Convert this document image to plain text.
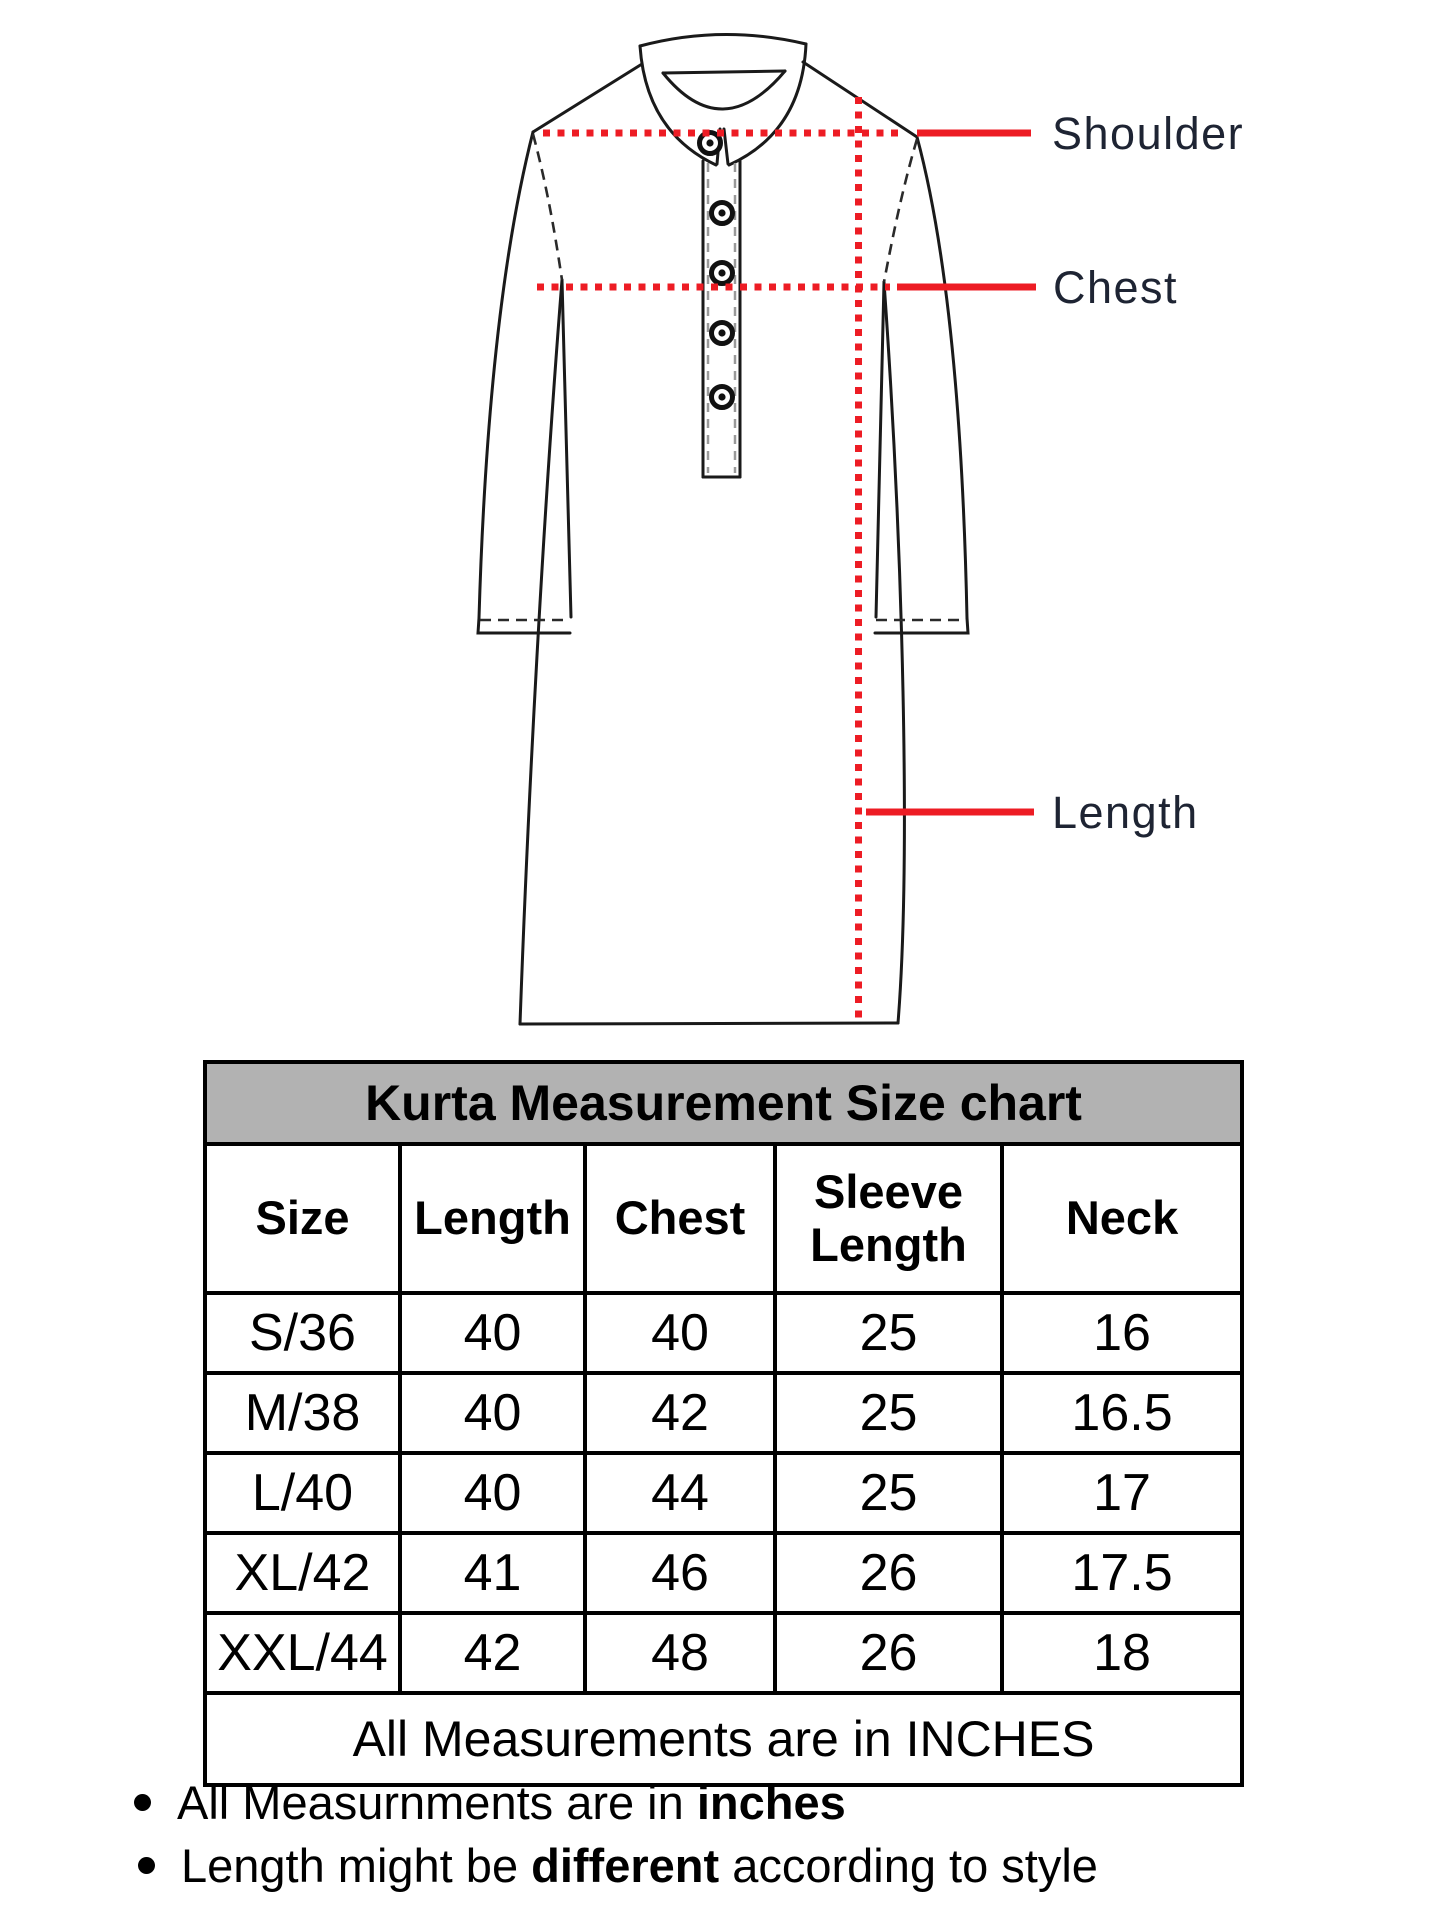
Shoulder
Chest
Length
Kurta Measurement Size chart				
Size	Length	Chest	Sleeve Length	Neck
S/36	40	40	25	16
M/38	40	42	25	16.5
L/40	40	44	25	17
XL/42	41	46	26	17.5
XXL/44	42	48	26	18
All Measurements are in INCHES				
All Measurnments are in inches
Length might be different according to style
